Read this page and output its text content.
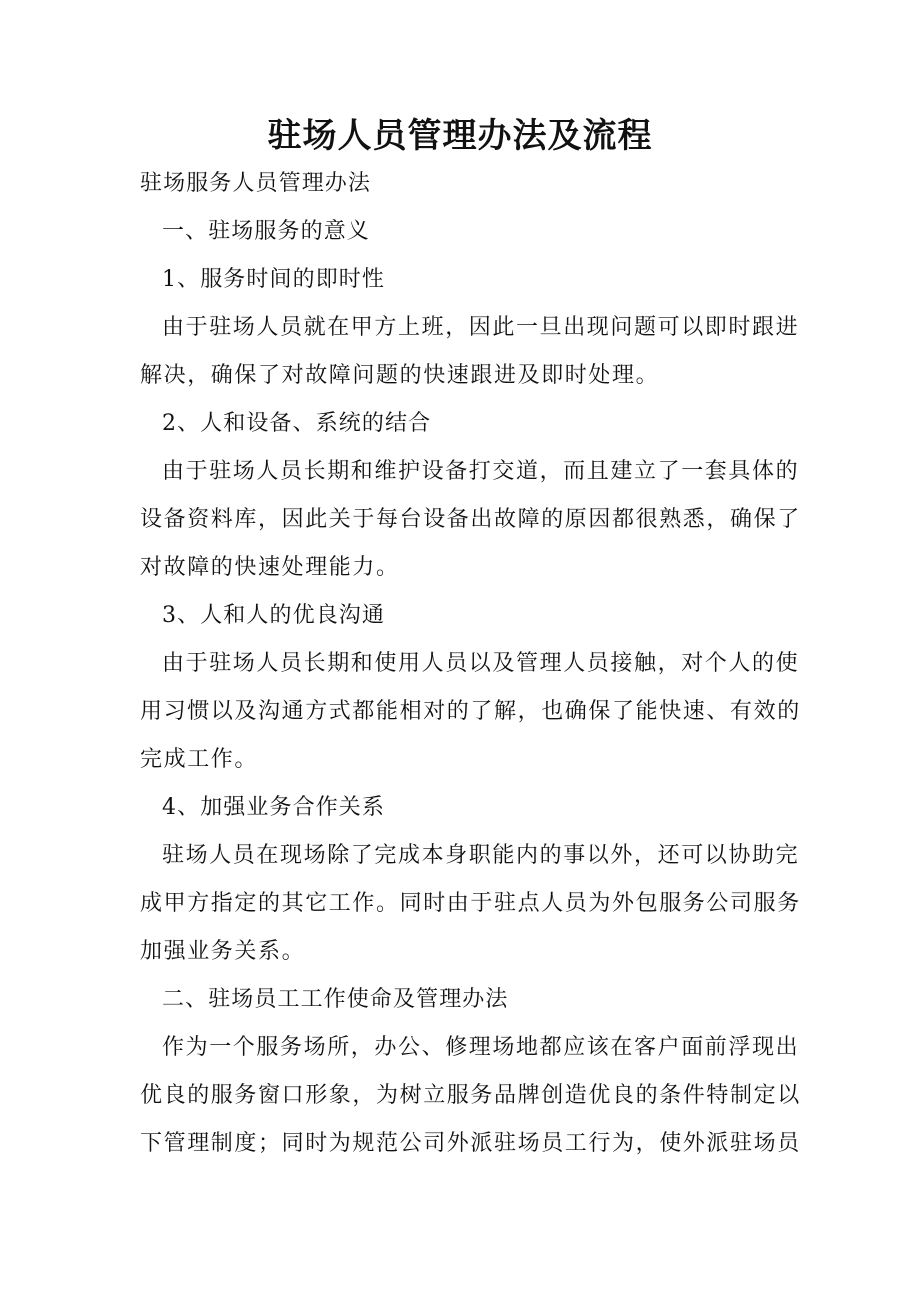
驻场人员管理办法及流程
驻场服务人员管理办法
一、驻场服务的意义
1、服务时间的即时性
由于驻场人员就在甲方上班，因此一旦出现问题可以即时跟进
解决，确保了对故障问题的快速跟进及即时处理。
2、人和设备、系统的结合
由于驻场人员长期和维护设备打交道，而且建立了一套具体的
设备资料库，因此关于每台设备出故障的原因都很熟悉，确保了
对故障的快速处理能力。
3、人和人的优良沟通
由于驻场人员长期和使用人员以及管理人员接触，对个人的使
用习惯以及沟通方式都能相对的了解，也确保了能快速、有效的
完成工作。
4、加强业务合作关系
驻场人员在现场除了完成本身职能内的事以外，还可以协助完
成甲方指定的其它工作。同时由于驻点人员为外包服务公司服务
加强业务关系。
二、驻场员工工作使命及管理办法
作为一个服务场所，办公、修理场地都应该在客户面前浮现出
优良的服务窗口形象，为树立服务品牌创造优良的条件特制定以
下管理制度；同时为规范公司外派驻场员工行为，使外派驻场员
